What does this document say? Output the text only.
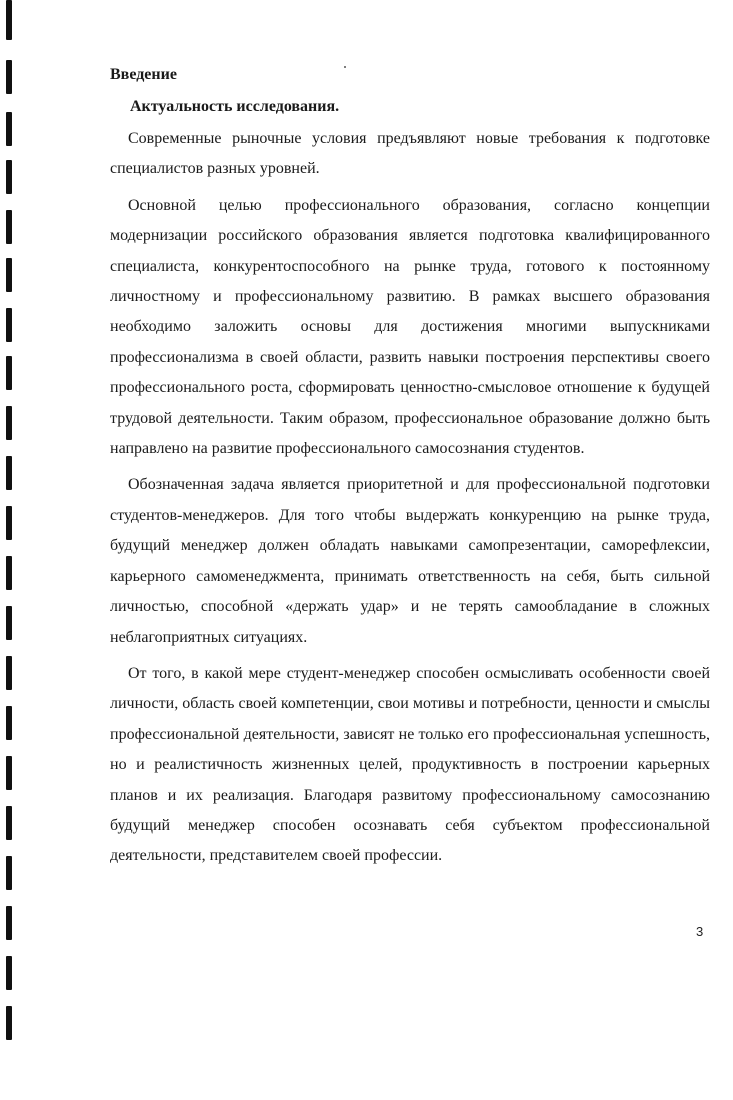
Введение
Актуальность исследования.

Современные рыночные условия предъявляют новые требования к подготовке специалистов разных уровней.

Основной целью профессионального образования, согласно концепции модернизации российского образования является подготовка квалифицированного специалиста, конкурентоспособного на рынке труда, готового к постоянному личностному и профессиональному развитию. В рамках высшего образования необходимо заложить основы для достижения многими выпускниками профессионализма в своей области, развить навыки построения перспективы своего профессионального роста, сформировать ценностно-смысловое отношение к будущей трудовой деятельности. Таким образом, профессиональное образование должно быть направлено на развитие профессионального самосознания студентов.

Обозначенная задача является приоритетной и для профессиональной подготовки студентов-менеджеров. Для того чтобы выдержать конкуренцию на рынке труда, будущий менеджер должен обладать навыками самопрезентации, саморефлексии, карьерного самоменеджмента, принимать ответственность на себя, быть сильной личностью, способной «держать удар» и не терять самообладание в сложных неблагоприятных ситуациях.

От того, в какой мере студент-менеджер способен осмысливать особенности своей личности, область своей компетенции, свои мотивы и потребности, ценности и смыслы профессиональной деятельности, зависят не только его профессиональная успешность, но и реалистичность жизненных целей, продуктивность в построении карьерных планов и их реализация. Благодаря развитому профессиональному самосознанию будущий менеджер способен осознавать себя субъектом профессиональной деятельности, представителем своей профессии.

3
